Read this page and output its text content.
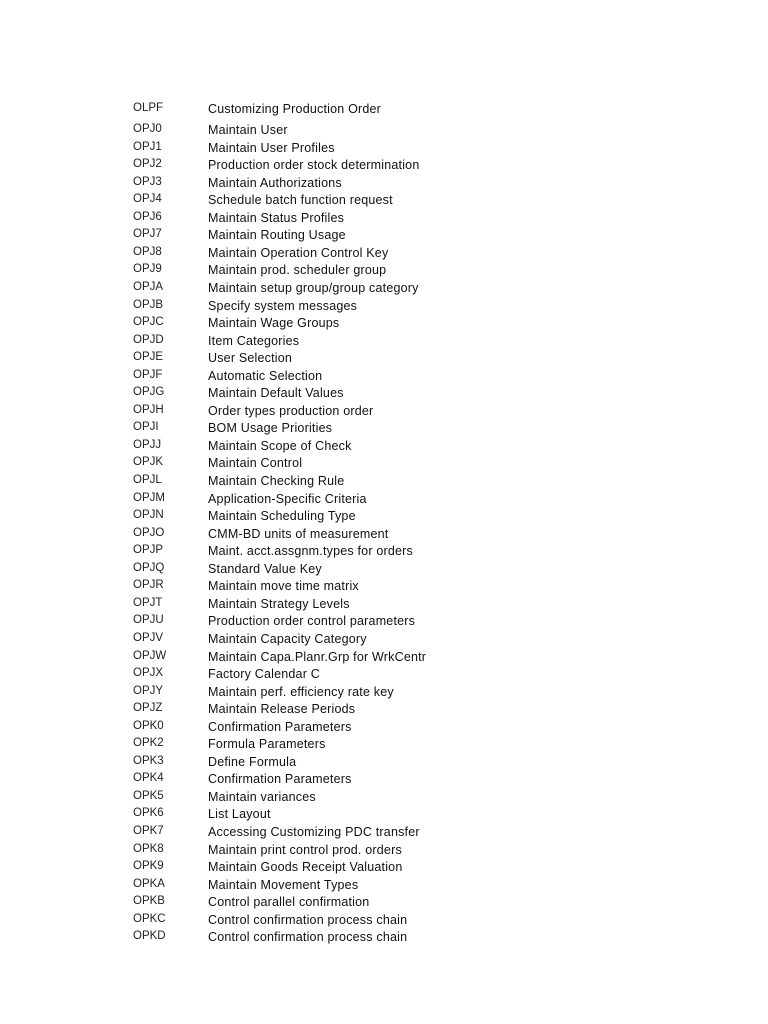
OLPF	Customizing Production Order
OPJ0	Maintain User
OPJ1	Maintain User Profiles
OPJ2	Production order stock determination
OPJ3	Maintain Authorizations
OPJ4	Schedule batch function request
OPJ6	Maintain Status Profiles
OPJ7	Maintain Routing Usage
OPJ8	Maintain Operation Control Key
OPJ9	Maintain prod. scheduler group
OPJA	Maintain setup group/group category
OPJB	Specify system messages
OPJC	Maintain Wage Groups
OPJD	Item Categories
OPJE	User Selection
OPJF	Automatic Selection
OPJG	Maintain Default Values
OPJH	Order types production order
OPJI	BOM Usage Priorities
OPJJ	Maintain Scope of Check
OPJK	Maintain Control
OPJL	Maintain Checking Rule
OPJM	Application-Specific Criteria
OPJN	Maintain Scheduling Type
OPJO	CMM-BD units of measurement
OPJP	Maint. acct.assgnm.types for orders
OPJQ	Standard Value Key
OPJR	Maintain move time matrix
OPJT	Maintain Strategy Levels
OPJU	Production order control parameters
OPJV	Maintain Capacity Category
OPJW	Maintain Capa.Planr.Grp for WrkCentr
OPJX	Factory Calendar C
OPJY	Maintain perf. efficiency rate key
OPJZ	Maintain Release Periods
OPK0	Confirmation Parameters
OPK2	Formula Parameters
OPK3	Define Formula
OPK4	Confirmation Parameters
OPK5	Maintain variances
OPK6	List Layout
OPK7	Accessing Customizing PDC transfer
OPK8	Maintain print control prod. orders
OPK9	Maintain Goods Receipt Valuation
OPKA	Maintain Movement Types
OPKB	Control parallel confirmation
OPKC	Control confirmation process chain
OPKD	Control confirmation process chain
